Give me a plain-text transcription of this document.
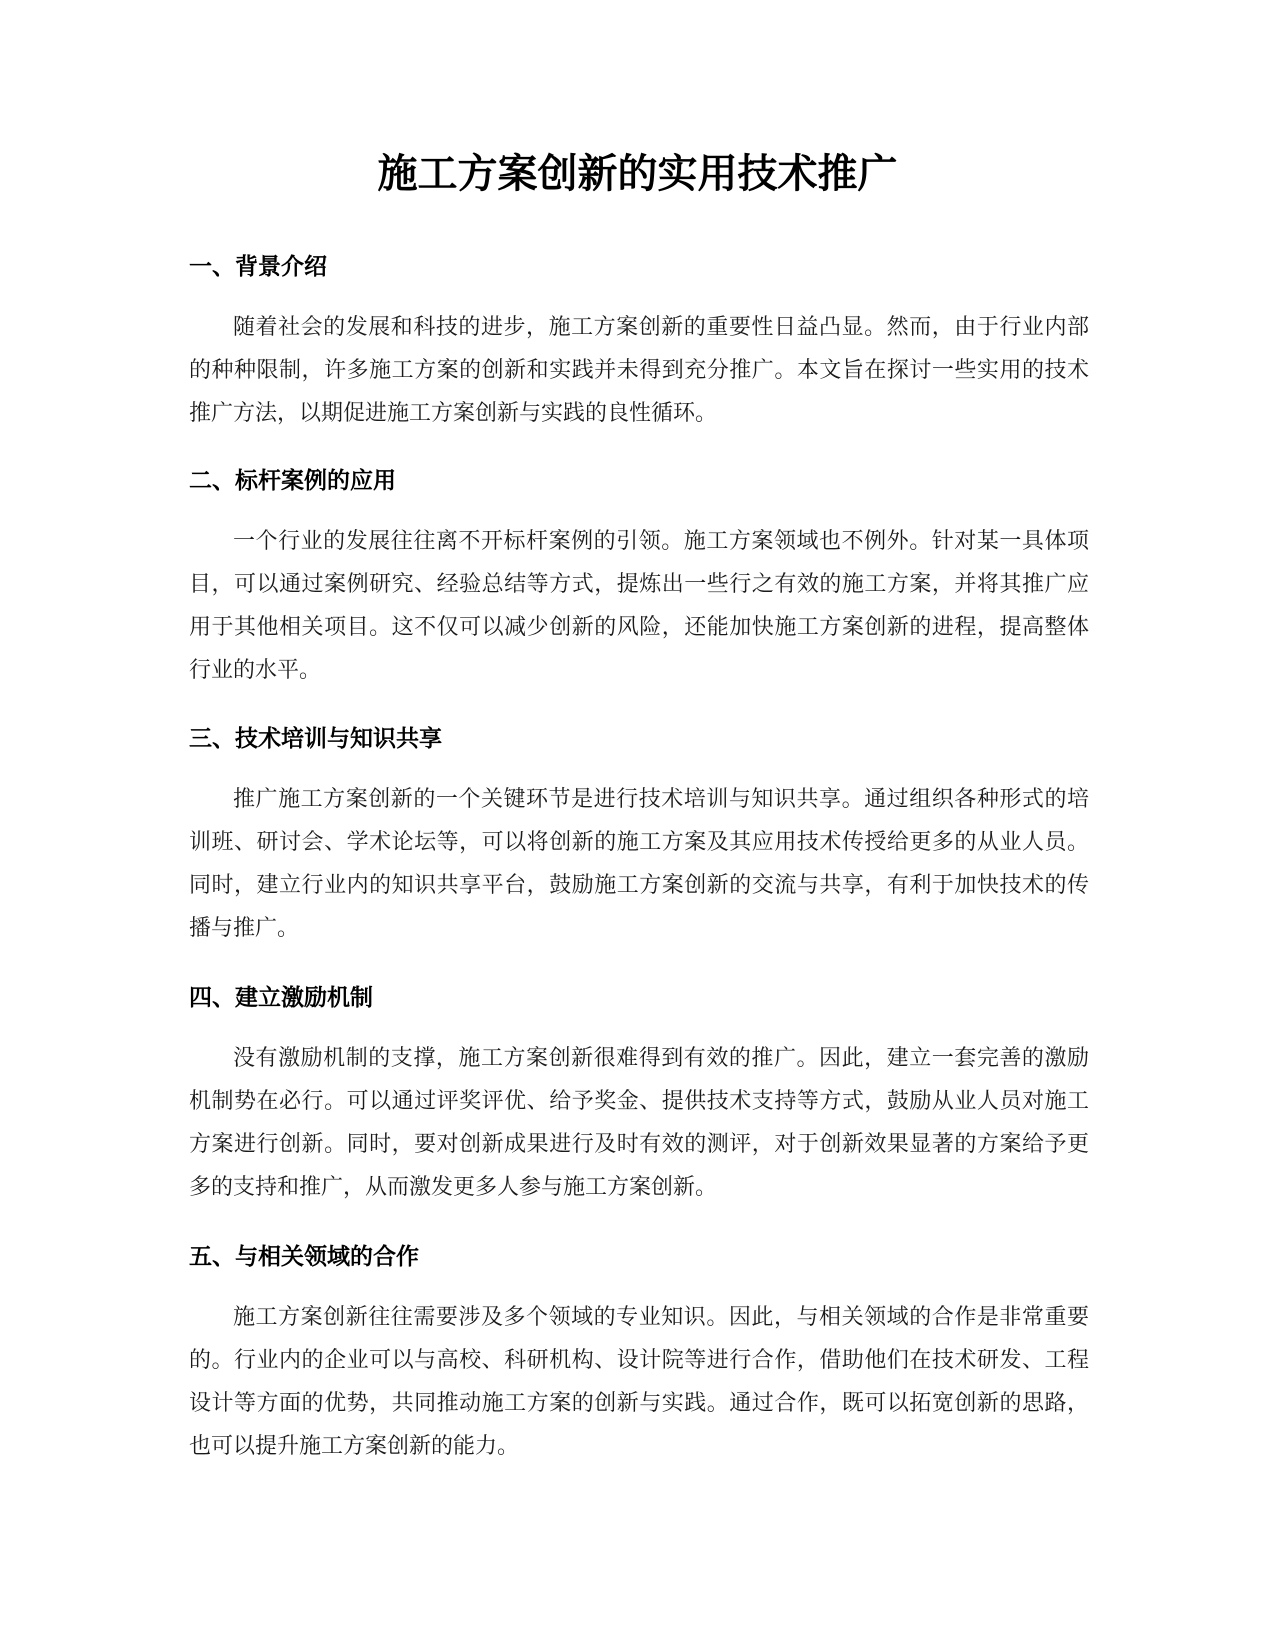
施工方案创新的实用技术推广
一、背景介绍

随着社会的发展和科技的进步，施工方案创新的重要性日益凸显。然而，由于行业内部的种种限制，许多施工方案的创新和实践并未得到充分推广。本文旨在探讨一些实用的技术推广方法，以期促进施工方案创新与实践的良性循环。

二、标杆案例的应用

一个行业的发展往往离不开标杆案例的引领。施工方案领域也不例外。针对某一具体项目，可以通过案例研究、经验总结等方式，提炼出一些行之有效的施工方案，并将其推广应用于其他相关项目。这不仅可以减少创新的风险，还能加快施工方案创新的进程，提高整体行业的水平。

三、技术培训与知识共享

推广施工方案创新的一个关键环节是进行技术培训与知识共享。通过组织各种形式的培训班、研讨会、学术论坛等，可以将创新的施工方案及其应用技术传授给更多的从业人员。同时，建立行业内的知识共享平台，鼓励施工方案创新的交流与共享，有利于加快技术的传播与推广。

四、建立激励机制

没有激励机制的支撑，施工方案创新很难得到有效的推广。因此，建立一套完善的激励机制势在必行。可以通过评奖评优、给予奖金、提供技术支持等方式，鼓励从业人员对施工方案进行创新。同时，要对创新成果进行及时有效的测评，对于创新效果显著的方案给予更多的支持和推广，从而激发更多人参与施工方案创新。

五、与相关领域的合作

施工方案创新往往需要涉及多个领域的专业知识。因此，与相关领域的合作是非常重要的。行业内的企业可以与高校、科研机构、设计院等进行合作，借助他们在技术研发、工程设计等方面的优势，共同推动施工方案的创新与实践。通过合作，既可以拓宽创新的思路，也可以提升施工方案创新的能力。
